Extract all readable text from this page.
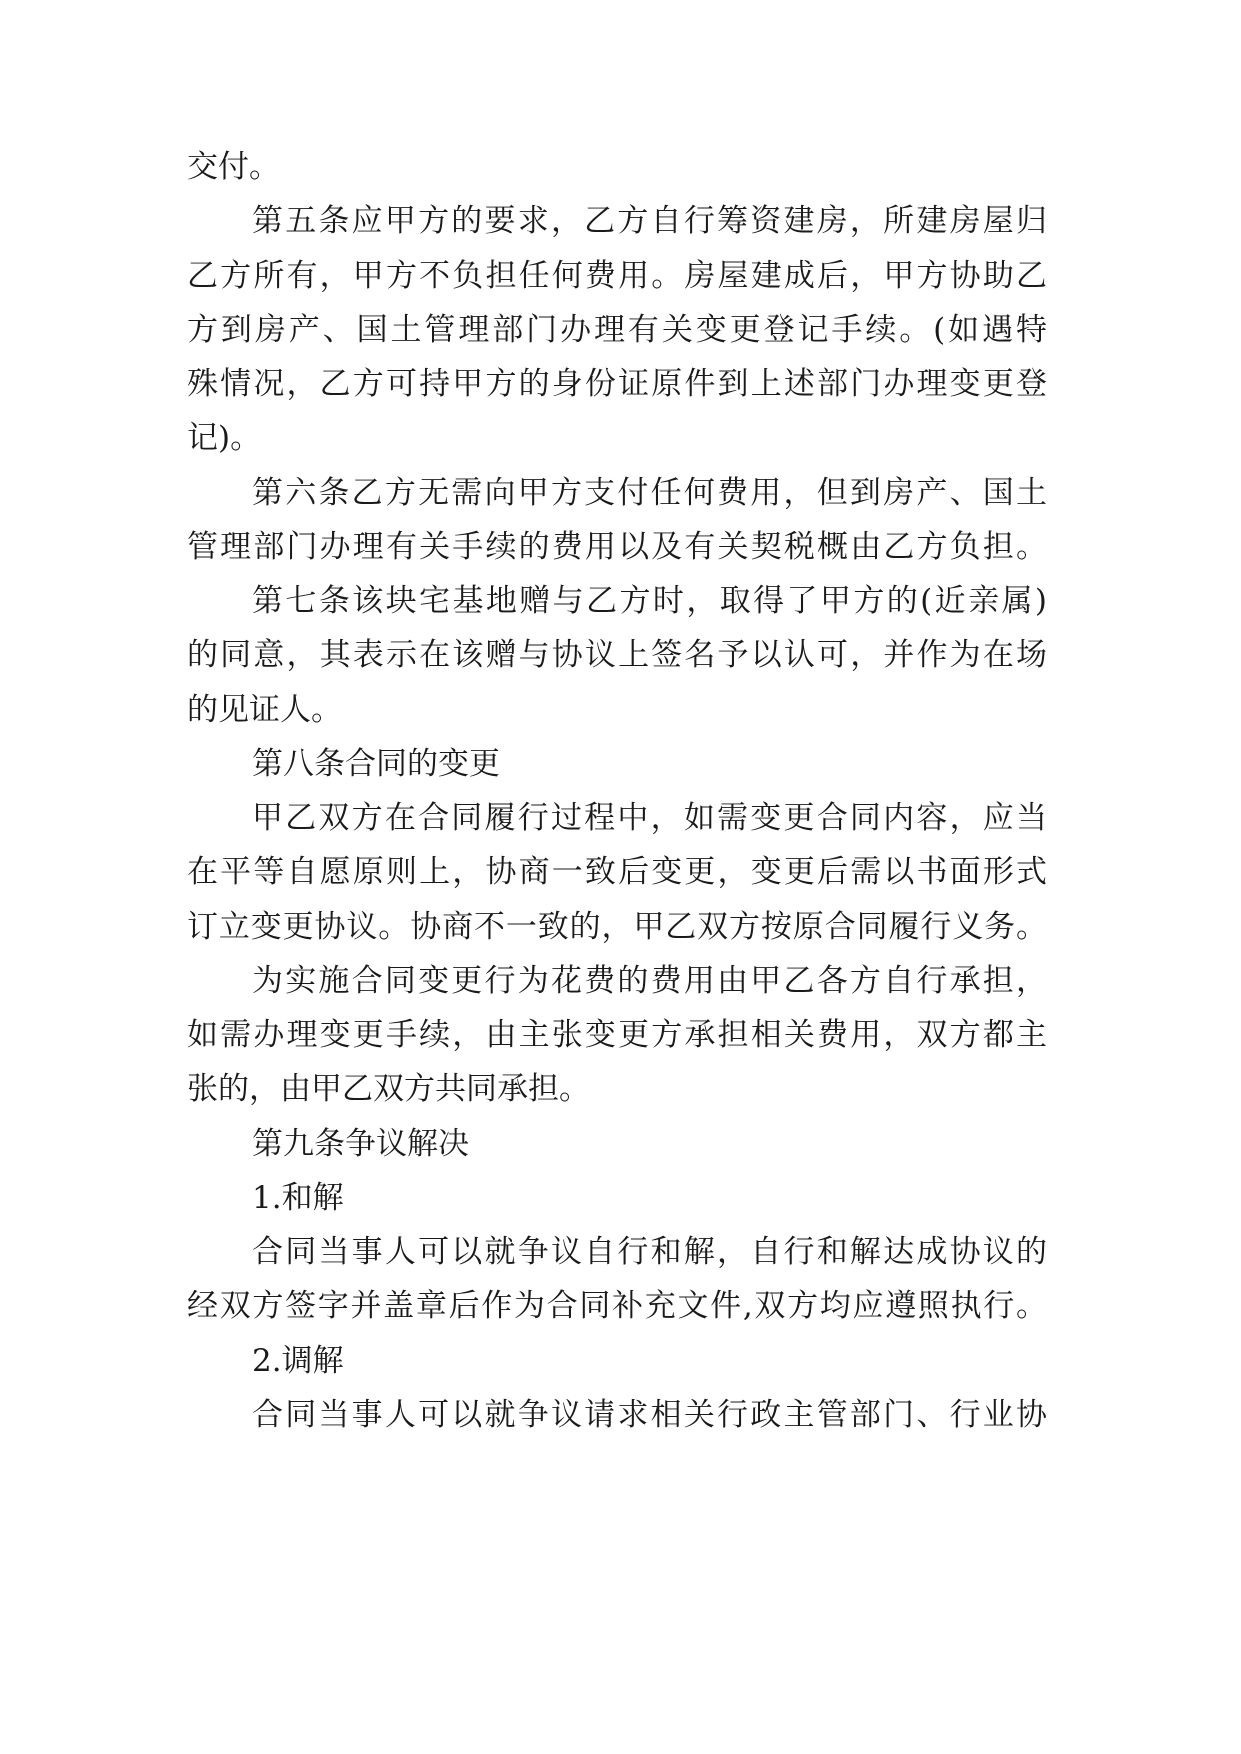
交付。
第五条应甲方的要求，乙方自行筹资建房，所建房屋归
乙方所有，甲方不负担任何费用。房屋建成后，甲方协助乙
方到房产、国土管理部门办理有关变更登记手续。(如遇特
殊情况，乙方可持甲方的身份证原件到上述部门办理变更登
记)。
第六条乙方无需向甲方支付任何费用，但到房产、国土
管理部门办理有关手续的费用以及有关契税概由乙方负担。
第七条该块宅基地赠与乙方时，取得了甲方的(近亲属)
的同意，其表示在该赠与协议上签名予以认可，并作为在场
的见证人。
第八条合同的变更
甲乙双方在合同履行过程中，如需变更合同内容，应当
在平等自愿原则上，协商一致后变更，变更后需以书面形式
订立变更协议。协商不一致的，甲乙双方按原合同履行义务。
为实施合同变更行为花费的费用由甲乙各方自行承担，
如需办理变更手续，由主张变更方承担相关费用，双方都主
张的，由甲乙双方共同承担。
第九条争议解决
1.和解
合同当事人可以就争议自行和解，自行和解达成协议的
经双方签字并盖章后作为合同补充文件,双方均应遵照执行。
2.调解
合同当事人可以就争议请求相关行政主管部门、行业协
